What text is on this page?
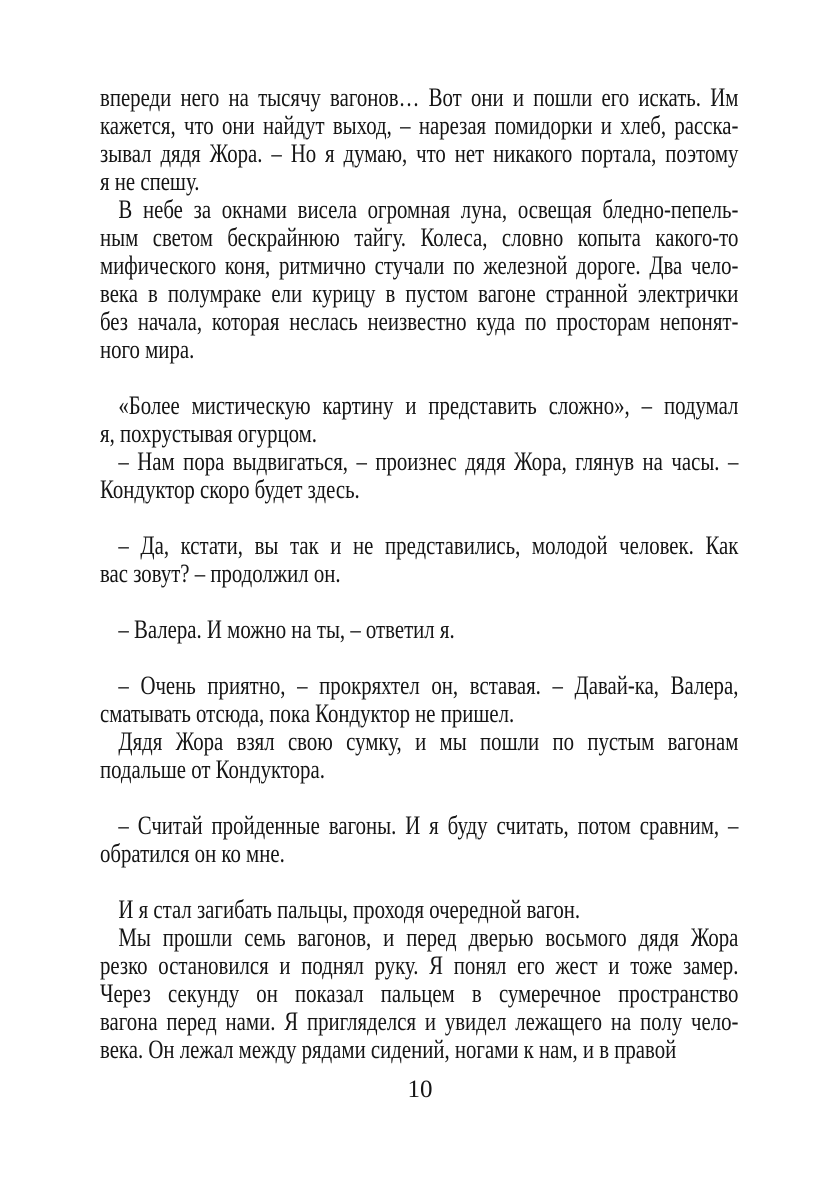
впереди него на тысячу вагонов… Вот они и пошли его искать. Им
кажется, что они найдут выход, – нарезая помидорки и хлеб, расска-
зывал дядя Жора. – Но я думаю, что нет никакого портала, поэтому
я не спешу.
В небе за окнами висела огромная луна, освещая бледно-пепель-
ным светом бескрайнюю тайгу. Колеса, словно копыта какого-то
мифического коня, ритмично стучали по железной дороге. Два чело-
века в полумраке ели курицу в пустом вагоне странной электрички
без начала, которая неслась неизвестно куда по просторам непонят-
ного мира.
«Более мистическую картину и представить сложно», – подумал
я, похрустывая огурцом.
– Нам пора выдвигаться, – произнес дядя Жора, глянув на часы. –
Кондуктор скоро будет здесь.
– Да, кстати, вы так и не представились, молодой человек. Как
вас зовут? – продолжил он.
– Валера. И можно на ты, – ответил я.
– Очень приятно, – прокряхтел он, вставая. – Давай-ка, Валера,
сматывать отсюда, пока Кондуктор не пришел.
Дядя Жора взял свою сумку, и мы пошли по пустым вагонам
подальше от Кондуктора.
– Считай пройденные вагоны. И я буду считать, потом сравним, –
обратился он ко мне.
И я стал загибать пальцы, проходя очередной вагон.
Мы прошли семь вагонов, и перед дверью восьмого дядя Жора
резко остановился и поднял руку. Я понял его жест и тоже замер.
Через секунду он показал пальцем в сумеречное пространство
вагона перед нами. Я пригляделся и увидел лежащего на полу чело-
века. Он лежал между рядами сидений, ногами к нам, и в правой
10
